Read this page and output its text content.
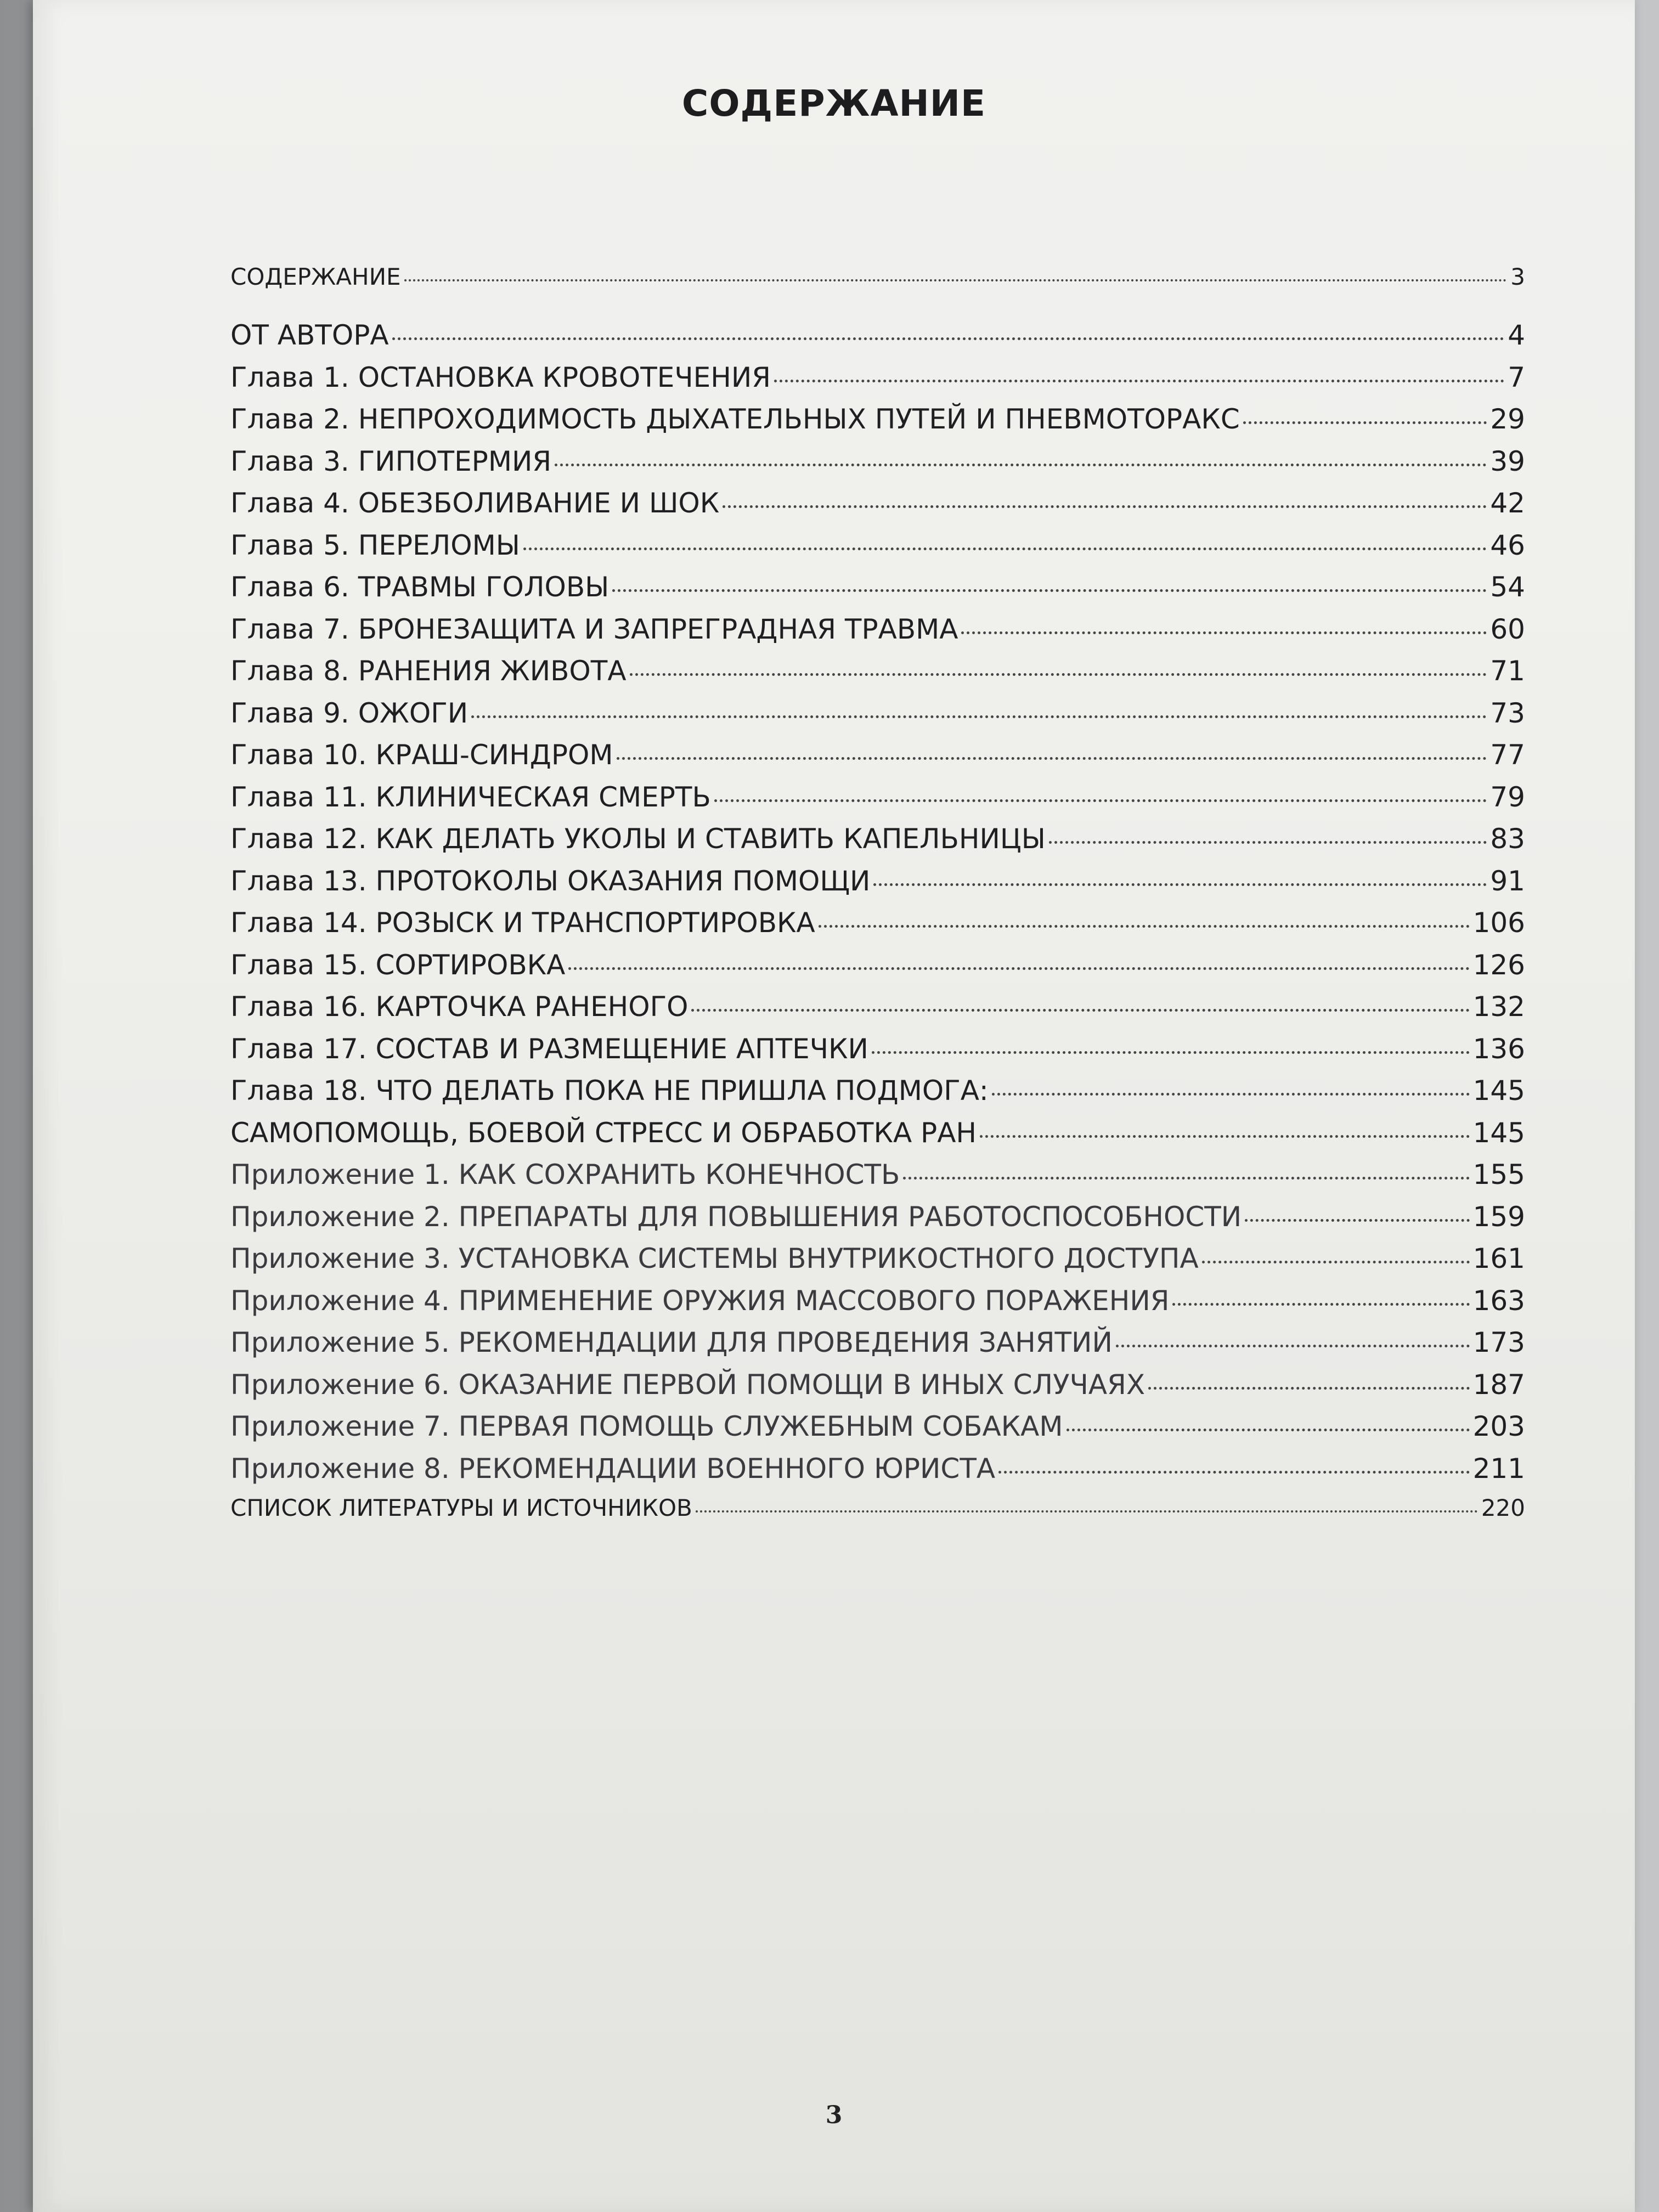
СОДЕРЖАНИЕ
СОДЕРЖАНИЕ	3
ОТ АВТОРА	4
Глава 1. ОСТАНОВКА КРОВОТЕЧЕНИЯ	7
Глава 2. НЕПРОХОДИМОСТЬ ДЫХАТЕЛЬНЫХ ПУТЕЙ И ПНЕВМОТОРАКС	29
Глава 3. ГИПОТЕРМИЯ	39
Глава 4. ОБЕЗБОЛИВАНИЕ И ШОК	42
Глава 5. ПЕРЕЛОМЫ	46
Глава 6. ТРАВМЫ ГОЛОВЫ	54
Глава 7. БРОНЕЗАЩИТА И ЗАПРЕГРАДНАЯ ТРАВМА	60
Глава 8. РАНЕНИЯ ЖИВОТА	71
Глава 9. ОЖОГИ	73
Глава 10. КРАШ-СИНДРОМ	77
Глава 11. КЛИНИЧЕСКАЯ СМЕРТЬ	79
Глава 12. КАК ДЕЛАТЬ УКОЛЫ И СТАВИТЬ КАПЕЛЬНИЦЫ	83
Глава 13. ПРОТОКОЛЫ ОКАЗАНИЯ ПОМОЩИ	91
Глава 14. РОЗЫСК И ТРАНСПОРТИРОВКА	106
Глава 15. СОРТИРОВКА	126
Глава 16. КАРТОЧКА РАНЕНОГО	132
Глава 17. СОСТАВ И РАЗМЕЩЕНИЕ АПТЕЧКИ	136
Глава 18. ЧТО ДЕЛАТЬ ПОКА НЕ ПРИШЛА ПОДМОГА:	145
САМОПОМОЩЬ, БОЕВОЙ СТРЕСС И ОБРАБОТКА РАН	145
Приложение 1. КАК СОХРАНИТЬ КОНЕЧНОСТЬ	155
Приложение 2. ПРЕПАРАТЫ ДЛЯ ПОВЫШЕНИЯ РАБОТОСПОСОБНОСТИ	159
Приложение 3. УСТАНОВКА СИСТЕМЫ ВНУТРИКОСТНОГО ДОСТУПА	161
Приложение 4. ПРИМЕНЕНИЕ ОРУЖИЯ МАССОВОГО ПОРАЖЕНИЯ	163
Приложение 5. РЕКОМЕНДАЦИИ ДЛЯ ПРОВЕДЕНИЯ ЗАНЯТИЙ	173
Приложение 6. ОКАЗАНИЕ ПЕРВОЙ ПОМОЩИ В ИНЫХ СЛУЧАЯХ	187
Приложение 7. ПЕРВАЯ ПОМОЩЬ СЛУЖЕБНЫМ СОБАКАМ	203
Приложение 8. РЕКОМЕНДАЦИИ ВОЕННОГО ЮРИСТА	211
СПИСОК ЛИТЕРАТУРЫ И ИСТОЧНИКОВ	220
3
